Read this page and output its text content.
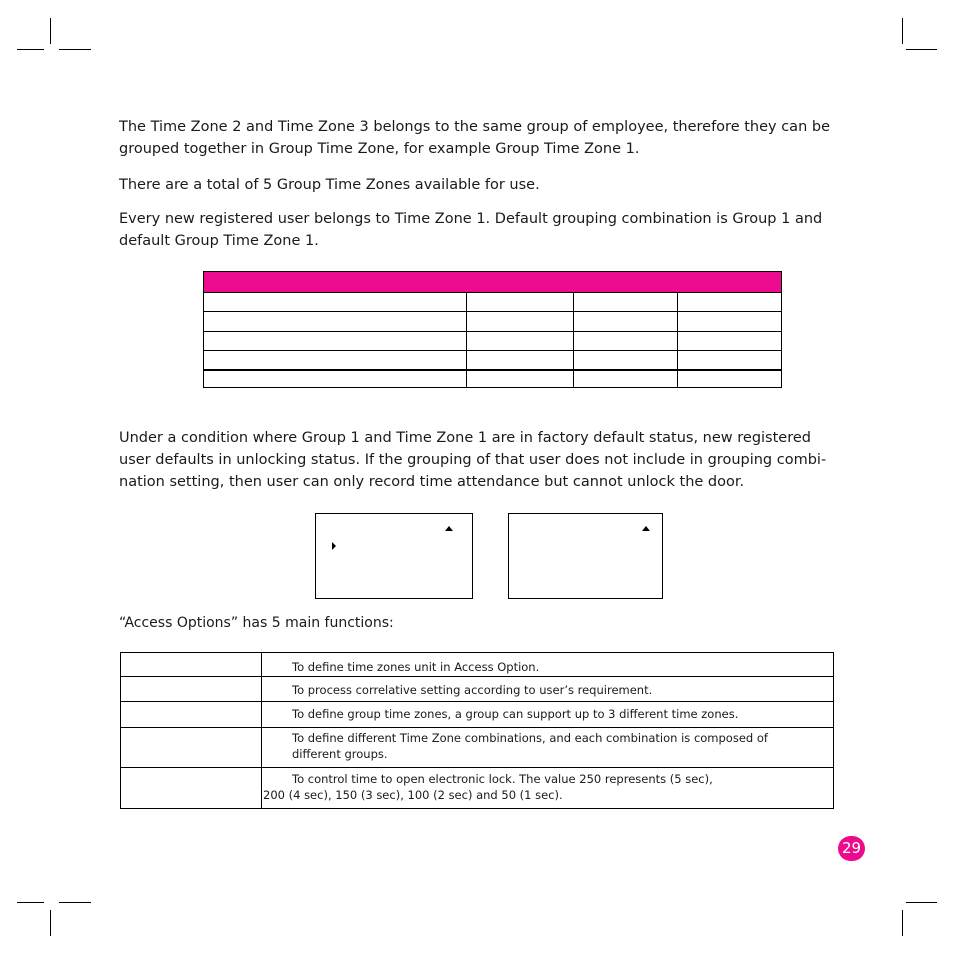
The Time Zone 2 and Time Zone 3 belongs to the same group of employee, therefore they can be
grouped together in Group Time Zone, for example Group Time Zone 1.

There are a total of 5 Group Time Zones available for use.

Every new registered user belongs to Time Zone 1. Default grouping combination is Group 1 and
default Group Time Zone 1.

Under a condition where Group 1 and Time Zone 1 are in factory default status, new registered
user defaults in unlocking status. If the grouping of that user does not include in grouping combi-
nation setting, then user can only record time attendance but cannot unlock the door.

“Access Options” has 5 main functions:
To define time zones unit in Access Option.
To process correlative setting according to user’s requirement.
To define group time zones, a group can support up to 3 different time zones.
To define different Time Zone combinations, and each combination is composed of
different groups.
To control time to open electronic lock. The value 250 represents (5 sec),
200 (4 sec), 150 (3 sec), 100 (2 sec) and 50 (1 sec).
29
